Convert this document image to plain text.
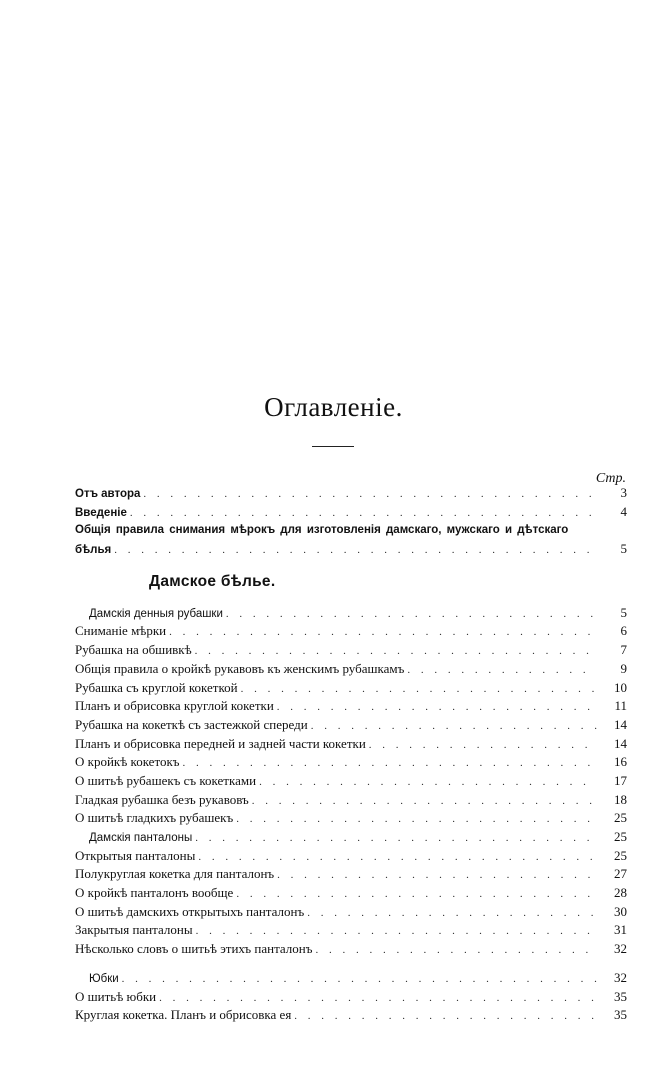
Оглавленіе.
Стр.
Отъ автора . . .	3
Введеніе . . .	4
Общія правила снимания мѣрокъ для изготовленія дамскаго, мужскаго и дѣтскаго
бѣлья . . .	5
Дамское бѣлье.
Дамскія денныя рубашки . . .	5
Сниманіе мѣрки . . .	6
Рубашка на обшивкѣ . . .	7
Общія правила о кройкѣ рукавовъ къ женскимъ рубашкамъ . . .	9
Рубашка съ круглой кокеткой . . .	10
Планъ и обрисовка круглой кокетки . . .	11
Рубашка на кокеткѣ съ застежкой спереди . . .	14
Планъ и обрисовка передней и задней части кокетки . . .	14
О кройкѣ кокетокъ . . .	16
О шитьѣ рубашекъ съ кокетками . . .	17
Гладкая рубашка безъ рукавовъ . . .	18
О шитьѣ гладкихъ рубашекъ . . .	25
Дамскія панталоны . . .	25
Открытыя панталоны . . .	25
Полукруглая кокетка для панталонъ . . .	27
О кройкѣ панталонъ вообще . . .	28
О шитьѣ дамскихъ открытыхъ панталонъ . . .	30
Закрытыя панталоны . . .	31
Нѣсколько словъ о шитьѣ этихъ панталонъ . . .	32
Юбки . . .	32
О шитьѣ юбки . . .	35
Круглая кокетка. Планъ и обрисовка ея . . .	35
